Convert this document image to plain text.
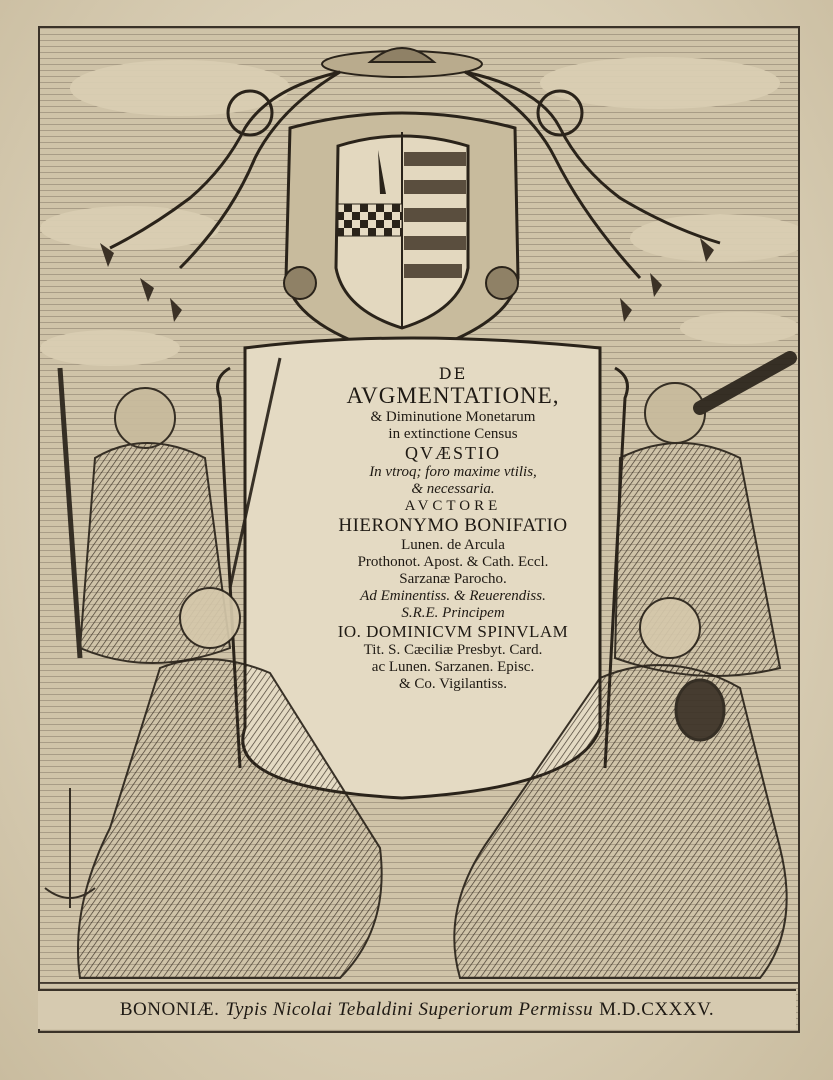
DE
AVGMENTATIONE,
& Diminutione Monetarum
in extinctione Census
QVÆSTIO
In vtroq; foro maxime vtilis,
& necessaria.
AVCTORE
HIERONYMO BONIFATIO
Lunen. de Arcula
Prothonot. Apost. & Cath. Eccl.
Sarzanæ Parocho.
Ad Eminentiss. & Reuerendiss.
S.R.E. Principem
IO. DOMINICVM SPINVLAM
Tit. S. Cæciliæ Presbyt. Card.
ac Lunen. Sarzanen. Episc.
& Co. Vigilantiss.
BONONIÆ. Typis Nicolai Tebaldini Superiorum Permissu M.D.CXXXV.
